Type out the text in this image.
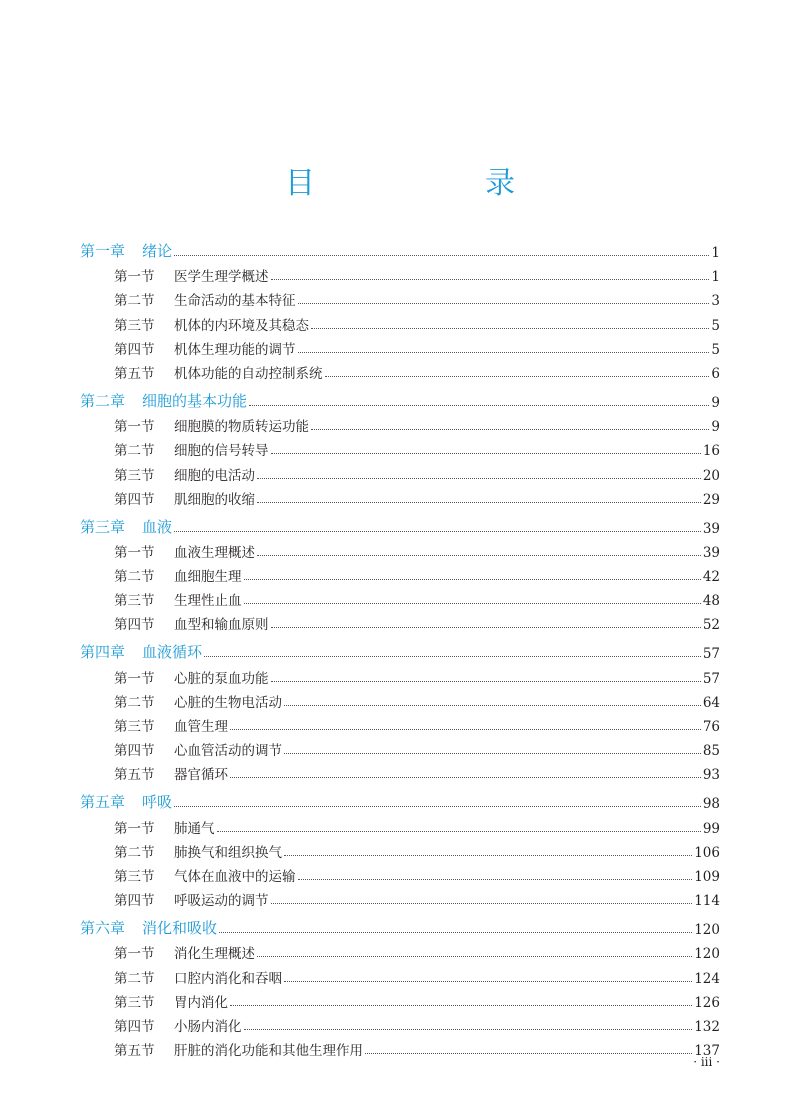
目　录
第一章	绪论	1
第一节	医学生理学概述	1
第二节	生命活动的基本特征	3
第三节	机体的内环境及其稳态	5
第四节	机体生理功能的调节	5
第五节	机体功能的自动控制系统	6
第二章	细胞的基本功能	9
第一节	细胞膜的物质转运功能	9
第二节	细胞的信号转导	16
第三节	细胞的电活动	20
第四节	肌细胞的收缩	29
第三章	血液	39
第一节	血液生理概述	39
第二节	血细胞生理	42
第三节	生理性止血	48
第四节	血型和输血原则	52
第四章	血液循环	57
第一节	心脏的泵血功能	57
第二节	心脏的生物电活动	64
第三节	血管生理	76
第四节	心血管活动的调节	85
第五节	器官循环	93
第五章	呼吸	98
第一节	肺通气	99
第二节	肺换气和组织换气	106
第三节	气体在血液中的运输	109
第四节	呼吸运动的调节	114
第六章	消化和吸收	120
第一节	消化生理概述	120
第二节	口腔内消化和吞咽	124
第三节	胃内消化	126
第四节	小肠内消化	132
第五节	肝脏的消化功能和其他生理作用	137
· iii ·
